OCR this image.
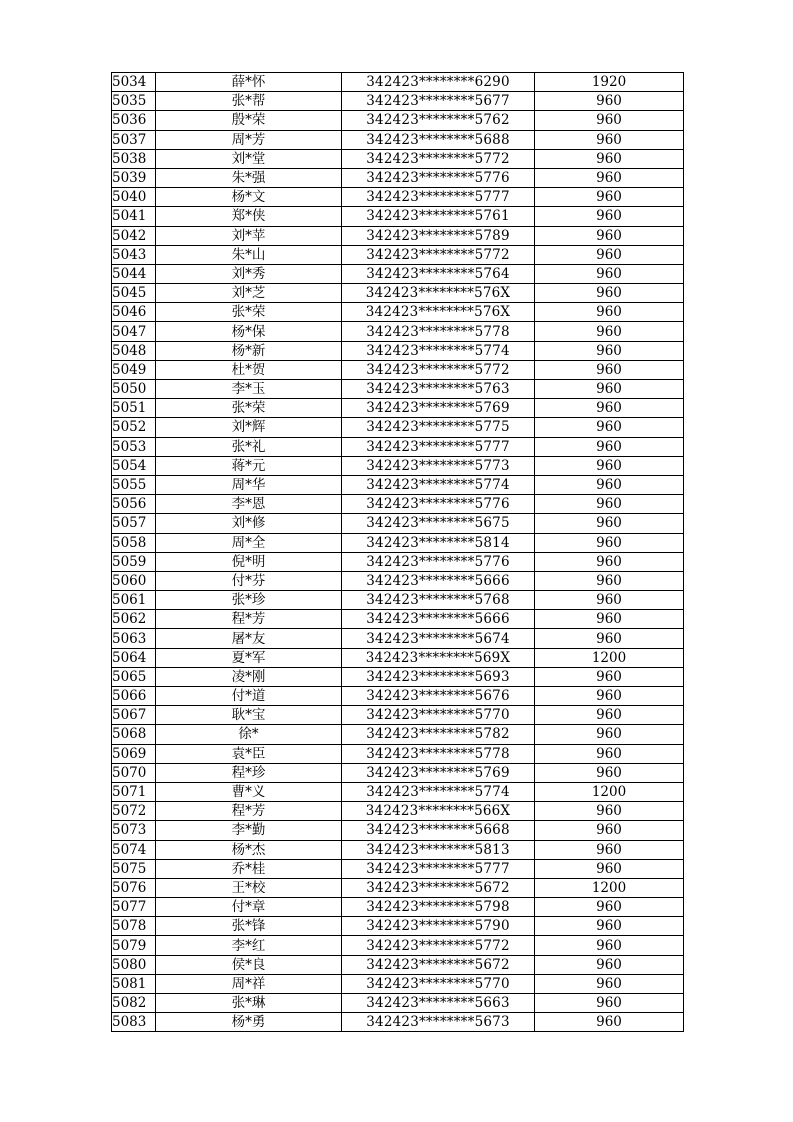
5034	薛*怀	342423********6290	1920
5035	张*帮	342423********5677	960
5036	殷*荣	342423********5762	960
5037	周*芳	342423********5688	960
5038	刘*堂	342423********5772	960
5039	朱*强	342423********5776	960
5040	杨*文	342423********5777	960
5041	郑*侠	342423********5761	960
5042	刘*苹	342423********5789	960
5043	朱*山	342423********5772	960
5044	刘*秀	342423********5764	960
5045	刘*芝	342423********576X	960
5046	张*荣	342423********576X	960
5047	杨*保	342423********5778	960
5048	杨*新	342423********5774	960
5049	杜*贺	342423********5772	960
5050	李*玉	342423********5763	960
5051	张*荣	342423********5769	960
5052	刘*辉	342423********5775	960
5053	张*礼	342423********5777	960
5054	蒋*元	342423********5773	960
5055	周*华	342423********5774	960
5056	李*恩	342423********5776	960
5057	刘*修	342423********5675	960
5058	周*全	342423********5814	960
5059	倪*明	342423********5776	960
5060	付*芬	342423********5666	960
5061	张*珍	342423********5768	960
5062	程*芳	342423********5666	960
5063	屠*友	342423********5674	960
5064	夏*军	342423********569X	1200
5065	凌*刚	342423********5693	960
5066	付*道	342423********5676	960
5067	耿*宝	342423********5770	960
5068	徐*	342423********5782	960
5069	袁*臣	342423********5778	960
5070	程*珍	342423********5769	960
5071	曹*义	342423********5774	1200
5072	程*芳	342423********566X	960
5073	李*勤	342423********5668	960
5074	杨*杰	342423********5813	960
5075	乔*桂	342423********5777	960
5076	王*校	342423********5672	1200
5077	付*章	342423********5798	960
5078	张*锋	342423********5790	960
5079	李*红	342423********5772	960
5080	侯*良	342423********5672	960
5081	周*祥	342423********5770	960
5082	张*琳	342423********5663	960
5083	杨*勇	342423********5673	960
